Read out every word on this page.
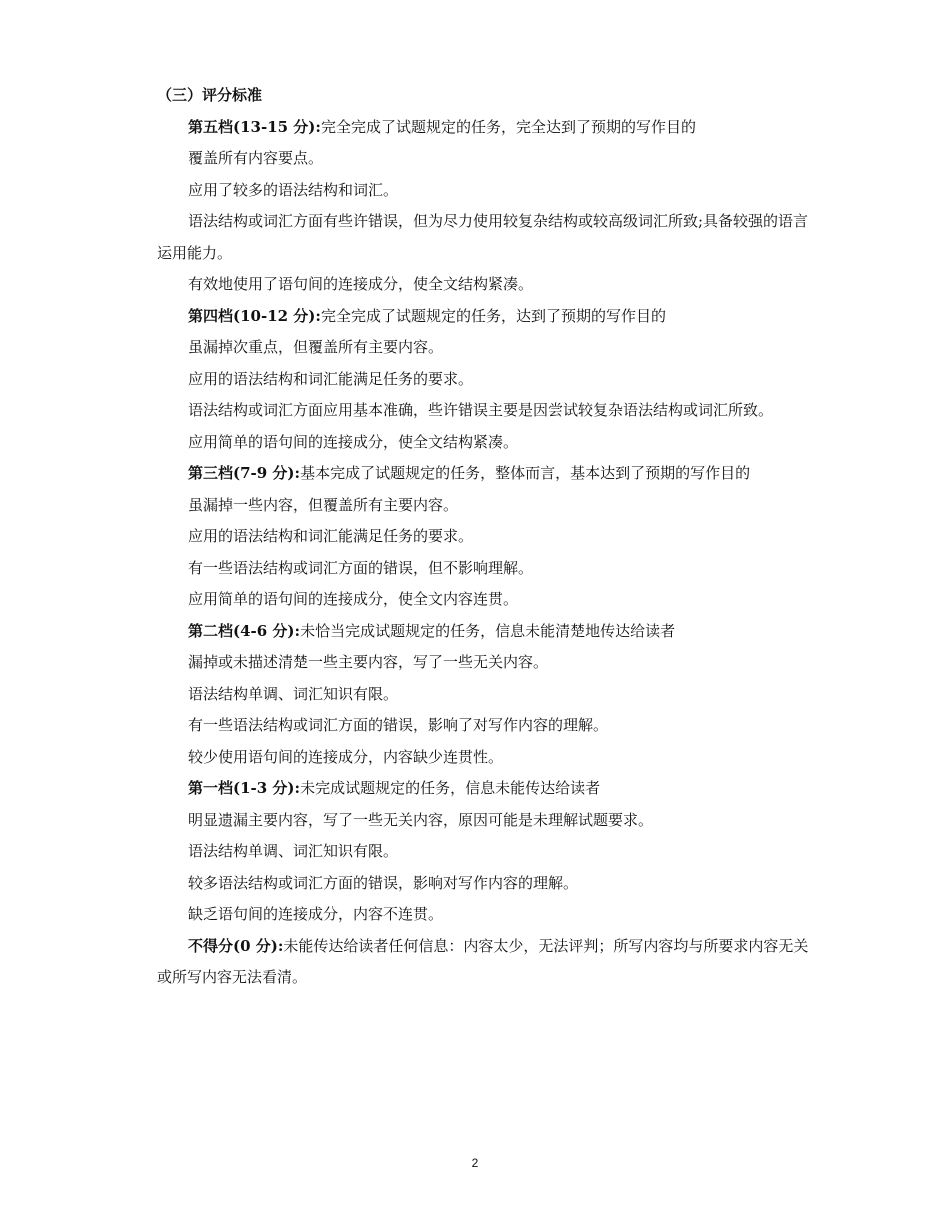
（三）评分标准
第五档(13-15 分):完全完成了试题规定的任务，完全达到了预期的写作目的
覆盖所有内容要点。
应用了较多的语法结构和词汇。
语法结构或词汇方面有些许错误，但为尽力使用较复杂结构或较高级词汇所致;具备较强的语言运用能力。
有效地使用了语句间的连接成分，使全文结构紧凑。
第四档(10-12 分):完全完成了试题规定的任务，达到了预期的写作目的
虽漏掉次重点，但覆盖所有主要内容。
应用的语法结构和词汇能满足任务的要求。
语法结构或词汇方面应用基本准确，些许错误主要是因尝试较复杂语法结构或词汇所致。
应用简单的语句间的连接成分，使全文结构紧凑。
第三档(7-9 分):基本完成了试题规定的任务，整体而言，基本达到了预期的写作目的
虽漏掉一些内容，但覆盖所有主要内容。
应用的语法结构和词汇能满足任务的要求。
有一些语法结构或词汇方面的错误，但不影响理解。
应用简单的语句间的连接成分，使全文内容连贯。
第二档(4-6 分):未恰当完成试题规定的任务，信息未能清楚地传达给读者
漏掉或未描述清楚一些主要内容，写了一些无关内容。
语法结构单调、词汇知识有限。
有一些语法结构或词汇方面的错误，影响了对写作内容的理解。
较少使用语句间的连接成分，内容缺少连贯性。
第一档(1-3 分):未完成试题规定的任务，信息未能传达给读者
明显遗漏主要内容，写了一些无关内容，原因可能是未理解试题要求。
语法结构单调、词汇知识有限。
较多语法结构或词汇方面的错误，影响对写作内容的理解。
缺乏语句间的连接成分，内容不连贯。
不得分(0 分):未能传达给读者任何信息：内容太少，无法评判；所写内容均与所要求内容无关或所写内容无法看清。
2
